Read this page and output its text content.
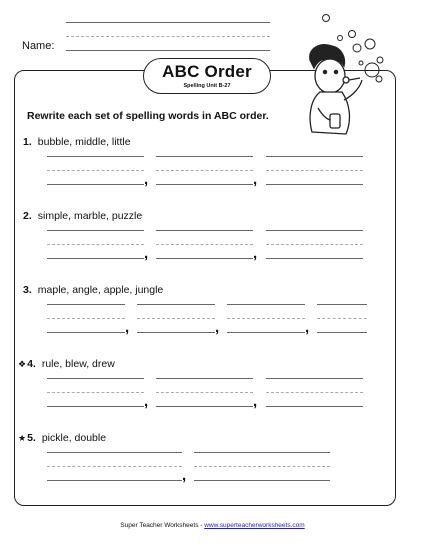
Name:
ABC Order
Spelling Unit B-27
Rewrite each set of spelling words in ABC order.
1. bubble, middle, little
,	,
2. simple, marble, puzzle
,	,
3. maple, angle, apple, jungle
,	,	,
❖4. rule, blew, drew
,	,
★5. pickle, double
,
Super Teacher Worksheets - www.superteacherworksheets.com
